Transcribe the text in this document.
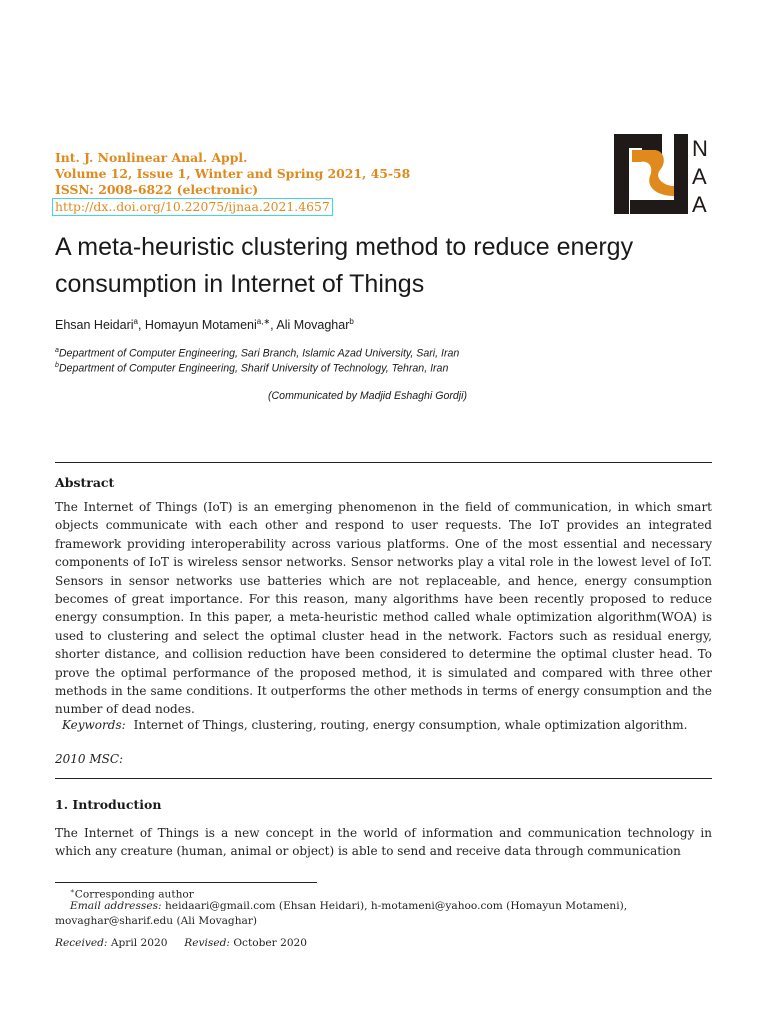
Int. J. Nonlinear Anal. Appl.
Volume 12, Issue 1, Winter and Spring 2021, 45-58
ISSN: 2008-6822 (electronic)
http://dx..doi.org/10.22075/ijnaa.2021.4657
N
A
A
A meta-heuristic clustering method to reduce energy consumption in Internet of Things
Ehsan Heidari$^a$, Homayun Motameni$^{a,∗}$, Ali Movaghar$^b$
$^a$Department of Computer Engineering, Sari Branch, Islamic Azad University, Sari, Iran
$^b$Department of Computer Engineering, Sharif University of Technology, Tehran, Iran
(Communicated by Madjid Eshaghi Gordji)
Abstract
The Internet of Things (IoT) is an emerging phenomenon in the field of communication, in which smart objects communicate with each other and respond to user requests. The IoT provides an integrated framework providing interoperability across various platforms. One of the most essential and necessary components of IoT is wireless sensor networks. Sensor networks play a vital role in the lowest level of IoT. Sensors in sensor networks use batteries which are not replaceable, and hence, energy consumption becomes of great importance. For this reason, many algorithms have been recently proposed to reduce energy consumption. In this paper, a meta-heuristic method called whale optimization algorithm(WOA) is used to clustering and select the optimal cluster head in the network. Factors such as residual energy, shorter distance, and collision reduction have been considered to determine the optimal cluster head. To prove the optimal performance of the proposed method, it is simulated and compared with three other methods in the same conditions. It outperforms the other methods in terms of energy consumption and the number of dead nodes.
Keywords: Internet of Things, clustering, routing, energy consumption, whale optimization algorithm.
2010 MSC:
1. Introduction
The Internet of Things is a new concept in the world of information and communication technology in which any creature (human, animal or object) is able to send and receive data through communication
∗Corresponding author
Email addresses: heidaari@gmail.com (Ehsan Heidari), h-motameni@yahoo.com (Homayun Motameni),
movaghar@sharif.edu (Ali Movaghar)
Received: April 2020 Revised: October 2020
